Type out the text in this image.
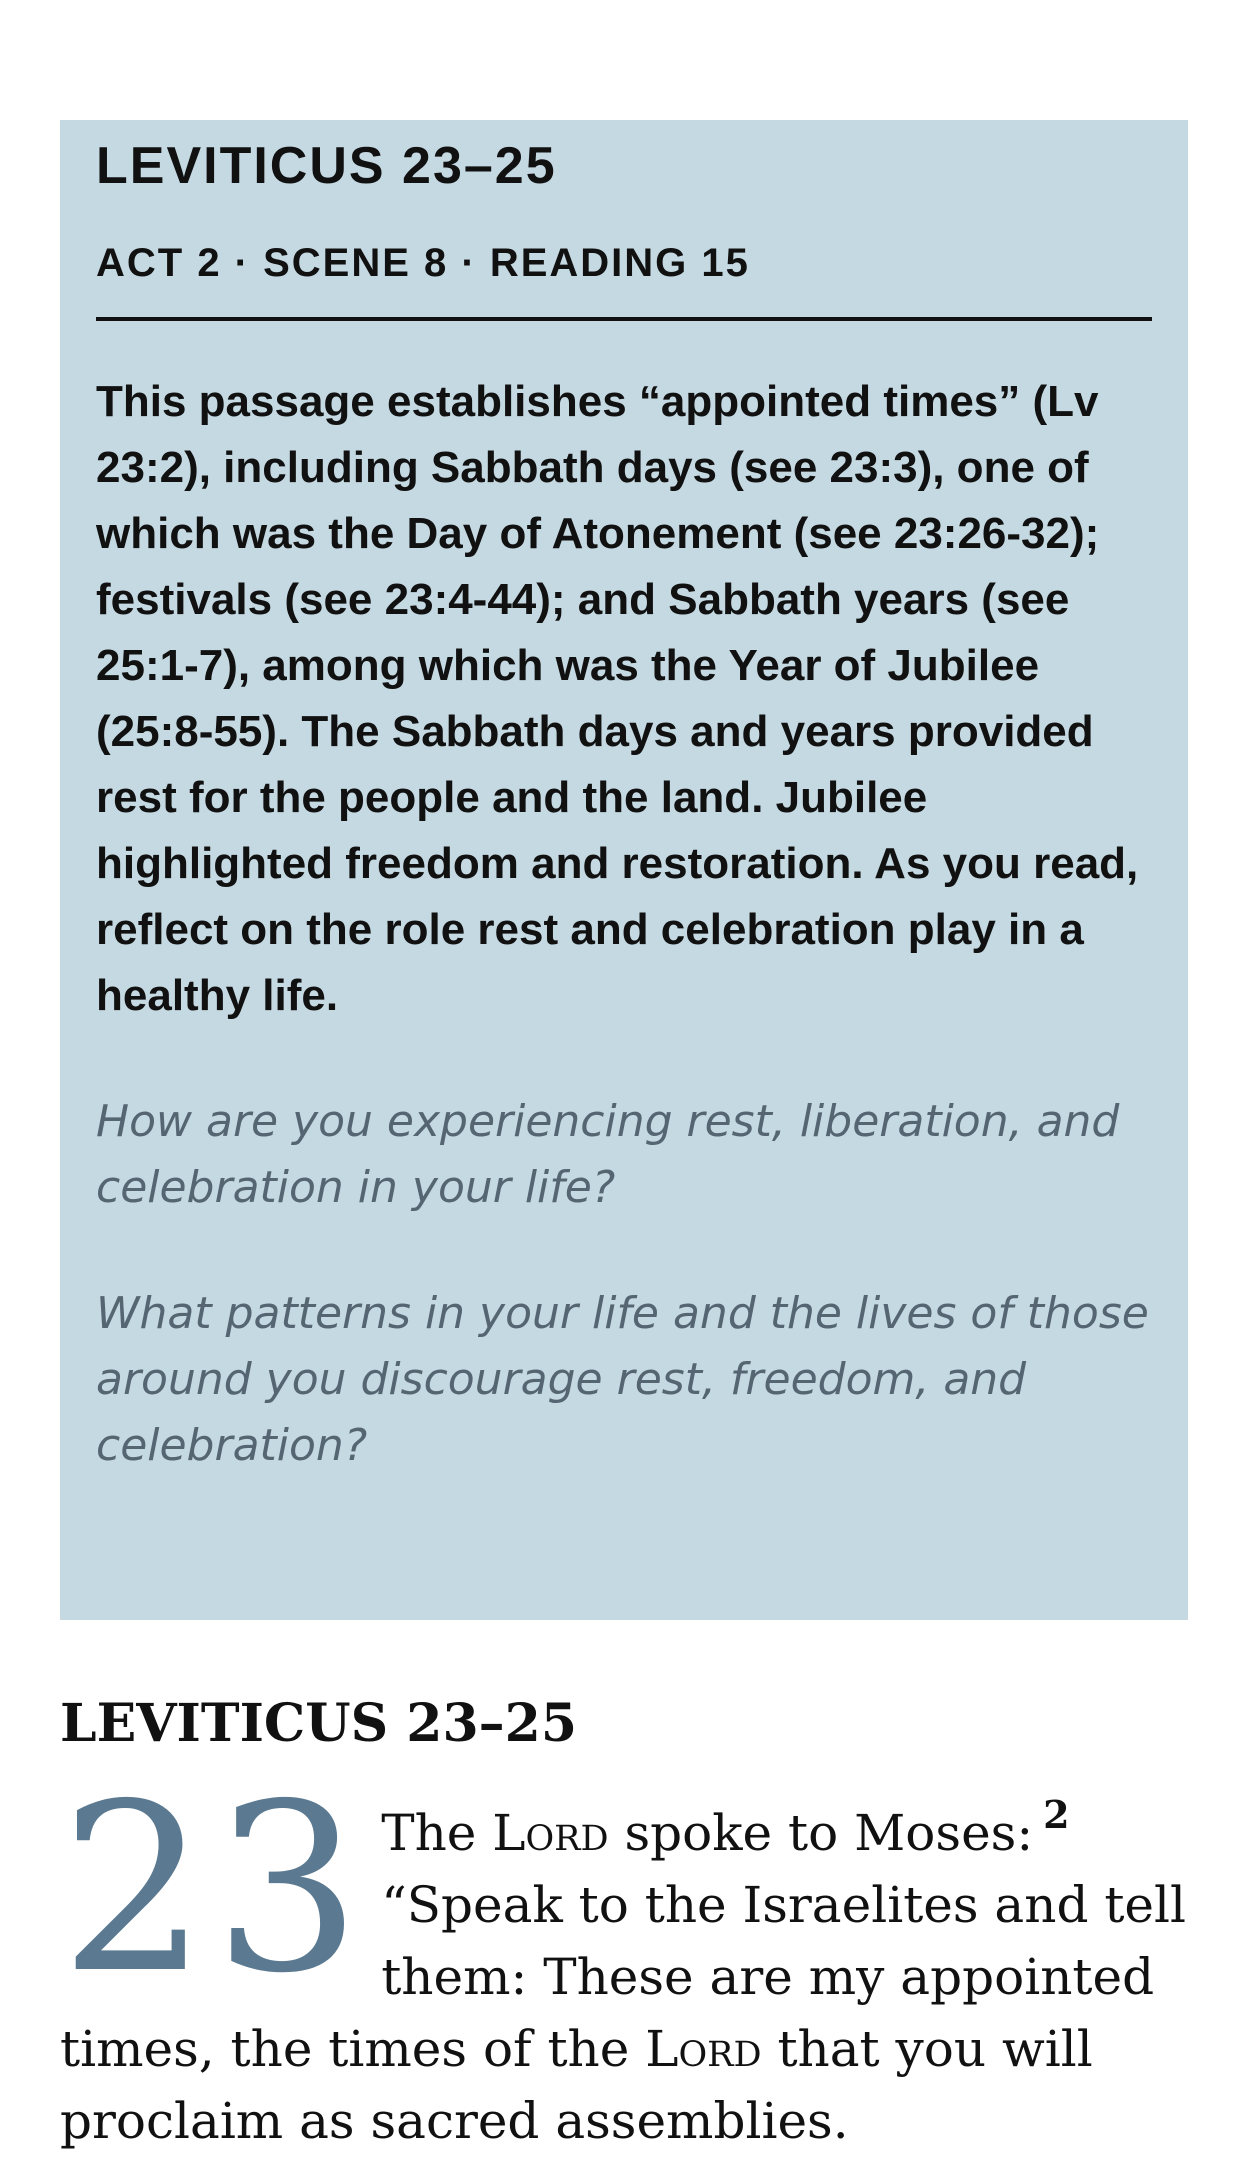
LEVITICUS 23–25
ACT 2 · SCENE 8 · READING 15

This passage establishes “appointed times” (Lv 23:2), including Sabbath days (see 23:3), one of which was the Day of Atonement (see 23:26-32); festivals (see 23:4-44); and Sabbath years (see 25:1-7), among which was the Year of Jubilee (25:8-55). The Sabbath days and years provided rest for the people and the land. Jubilee highlighted freedom and restoration. As you read, reflect on the role rest and celebration play in a healthy life.

How are you experiencing rest, liberation, and celebration in your life?

What patterns in your life and the lives of those around you discourage rest, freedom, and celebration?

LEVITICUS 23–25

23 The Lord spoke to Moses: $^2$ “Speak to the Israelites and tell them: These are my appointed times, the times of the Lord that you will proclaim as sacred assemblies.
